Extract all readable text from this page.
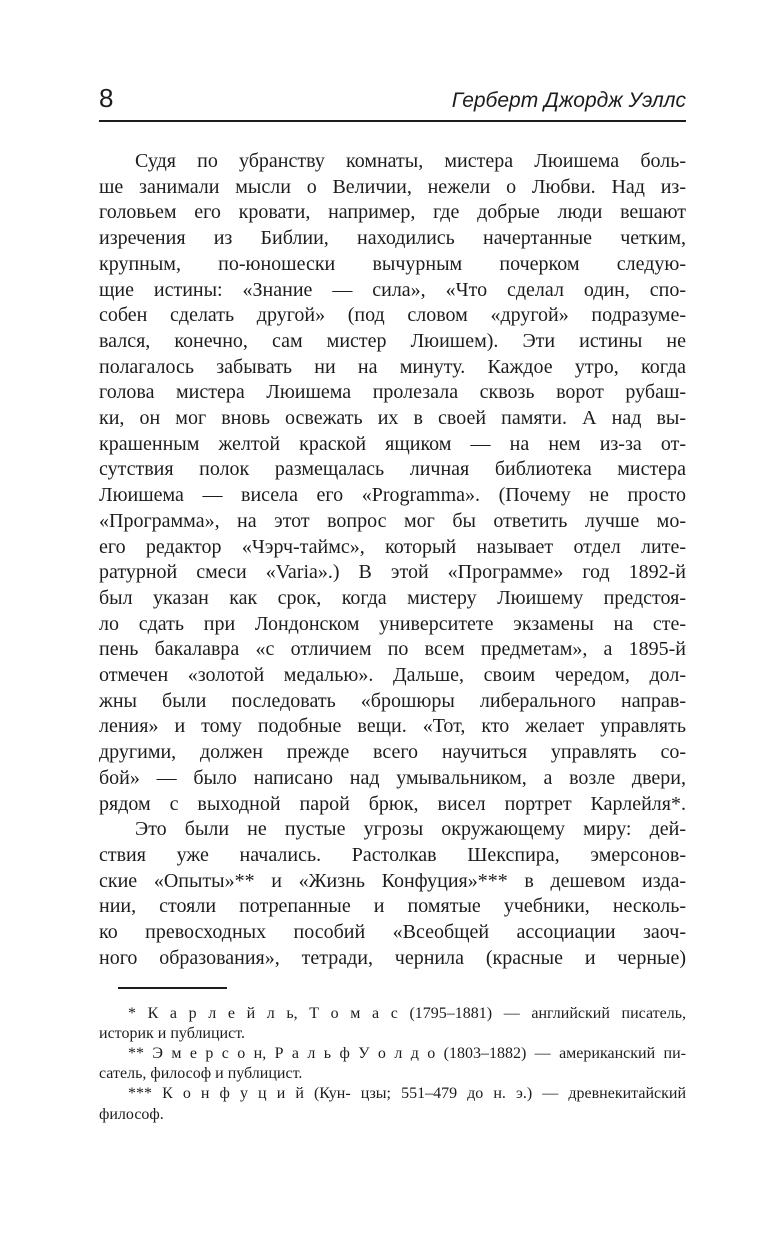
8	Герберт Джордж Уэллс
Судя по убранству комнаты, мистера Люишема боль-
ше занимали мысли о Величии, нежели о Любви. Над из-
головьем его кровати, например, где добрые люди вешают
изречения из Библии, находились начертанные четким,
крупным, по-юношески вычурным почерком следую-
щие истины: «Знание — сила», «Что сделал один, спо-
собен сделать другой» (под словом «другой» подразуме-
вался, конечно, сам мистер Люишем). Эти истины не
полагалось забывать ни на минуту. Каждое утро, когда
голова мистера Люишема пролезала сквозь ворот рубаш-
ки, он мог вновь освежать их в своей памяти. А над вы-
крашенным желтой краской ящиком — на нем из-за от-
сутствия полок размещалась личная библиотека мистера
Люишема — висела его «Programma». (Почему не просто
«Программа», на этот вопрос мог бы ответить лучше мо-
его редактор «Чэрч-таймс», который называет отдел лите-
ратурной смеси «Varia».) В этой «Программе» год 1892-й
был указан как срок, когда мистеру Люишему предстоя-
ло сдать при Лондонском университете экзамены на сте-
пень бакалавра «с отличием по всем предметам», а 1895-й
отмечен «золотой медалью». Дальше, своим чередом, дол-
жны были последовать «брошюры либерального направ-
ления» и тому подобные вещи. «Тот, кто желает управлять
другими, должен прежде всего научиться управлять со-
бой» — было написано над умывальником, а возле двери,
рядом с выходной парой брюк, висел портрет Карлейля*.
Это были не пустые угрозы окружающему миру: дей-
ствия уже начались. Растолкав Шекспира, эмерсонов-
ские «Опыты»** и «Жизнь Конфуция»*** в дешевом изда-
нии, стояли потрепанные и помятые учебники, несколь-
ко превосходных пособий «Всеобщей ассоциации заоч-
ного образования», тетради, чернила (красные и черные)
* К а р л е й л ь, Т о м а с (1795–1881) — английский писатель,
историк и публицист.
** Э м е р с о н, Р а л ь ф У о л д о (1803–1882) — американский пи-
сатель, философ и публицист.
*** К о н ф у ц и й (Кун- цзы; 551–479 до н. э.) — древнекитайский
философ.
